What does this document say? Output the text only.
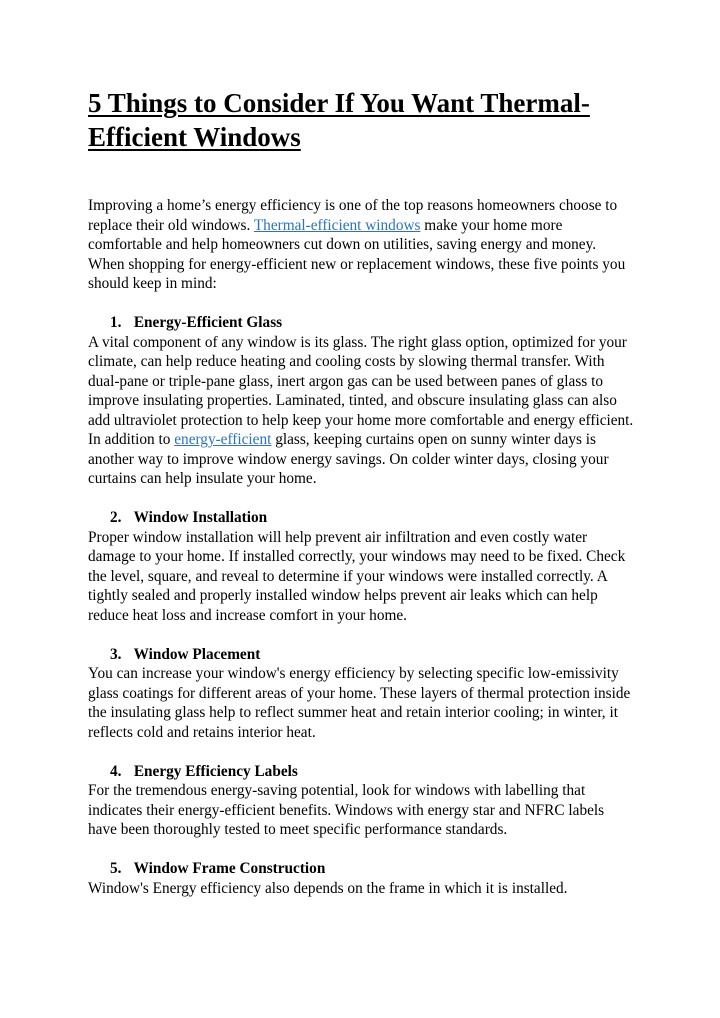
5 Things to Consider If You Want Thermal-Efficient Windows

Improving a home’s energy efficiency is one of the top reasons homeowners choose to replace their old windows. Thermal-efficient windows make your home more comfortable and help homeowners cut down on utilities, saving energy and money. When shopping for energy-efficient new or replacement windows, these five points you should keep in mind:

1. Energy-Efficient Glass

A vital component of any window is its glass. The right glass option, optimized for your climate, can help reduce heating and cooling costs by slowing thermal transfer. With dual-pane or triple-pane glass, inert argon gas can be used between panes of glass to improve insulating properties. Laminated, tinted, and obscure insulating glass can also add ultraviolet protection to help keep your home more comfortable and energy efficient.

In addition to energy-efficient glass, keeping curtains open on sunny winter days is another way to improve window energy savings. On colder winter days, closing your curtains can help insulate your home.

2. Window Installation

Proper window installation will help prevent air infiltration and even costly water damage to your home. If installed correctly, your windows may need to be fixed. Check the level, square, and reveal to determine if your windows were installed correctly. A tightly sealed and properly installed window helps prevent air leaks which can help reduce heat loss and increase comfort in your home.

3. Window Placement

You can increase your window's energy efficiency by selecting specific low-emissivity glass coatings for different areas of your home. These layers of thermal protection inside the insulating glass help to reflect summer heat and retain interior cooling; in winter, it reflects cold and retains interior heat.

4. Energy Efficiency Labels

For the tremendous energy-saving potential, look for windows with labelling that indicates their energy-efficient benefits. Windows with energy star and NFRC labels have been thoroughly tested to meet specific performance standards.

5. Window Frame Construction

Window's Energy efficiency also depends on the frame in which it is installed.
